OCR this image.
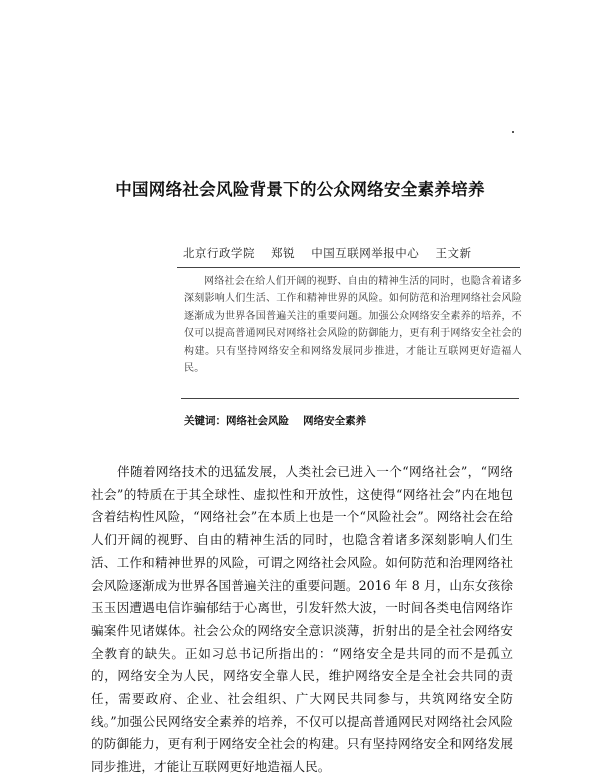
中国网络社会风险背景下的公众网络安全素养培养
北京行政学院　 郑锐　 中国互联网举报中心　 王文新
网络社会在给人们开阔的视野、自由的精神生活的同时，也隐含着诸多深刻影响人们生活、工作和精神世界的风险。如何防范和治理网络社会风险逐渐成为世界各国普遍关注的重要问题。加强公众网络安全素养的培养，不仅可以提高普通网民对网络社会风险的防御能力，更有利于网络安全社会的构建。只有坚持网络安全和网络发展同步推进，才能让互联网更好造福人民。
关键词：网络社会风险　 网络安全素养
伴随着网络技术的迅猛发展，人类社会已进入一个“网络社会”，“网络社会”的特质在于其全球性、虚拟性和开放性，这使得“网络社会”内在地包含着结构性风险，“网络社会”在本质上也是一个“风险社会”。网络社会在给人们开阔的视野、自由的精神生活的同时，也隐含着诸多深刻影响人们生活、工作和精神世界的风险，可谓之网络社会风险。如何防范和治理网络社会风险逐渐成为世界各国普遍关注的重要问题。2016 年 8 月，山东女孩徐玉玉因遭遇电信诈骗郁结于心离世，引发轩然大波，一时间各类电信网络诈骗案件见诸媒体。社会公众的网络安全意识淡薄，折射出的是全社会网络安全教育的缺失。正如习总书记所指出的：“网络安全是共同的而不是孤立的，网络安全为人民，网络安全靠人民，维护网络安全是全社会共同的责任，需要政府、企业、社会组织、广大网民共同参与，共筑网络安全防线。”加强公民网络安全素养的培养，不仅可以提高普通网民对网络社会风险的防御能力，更有利于网络安全社会的构建。只有坚持网络安全和网络发展同步推进，才能让互联网更好地造福人民。
